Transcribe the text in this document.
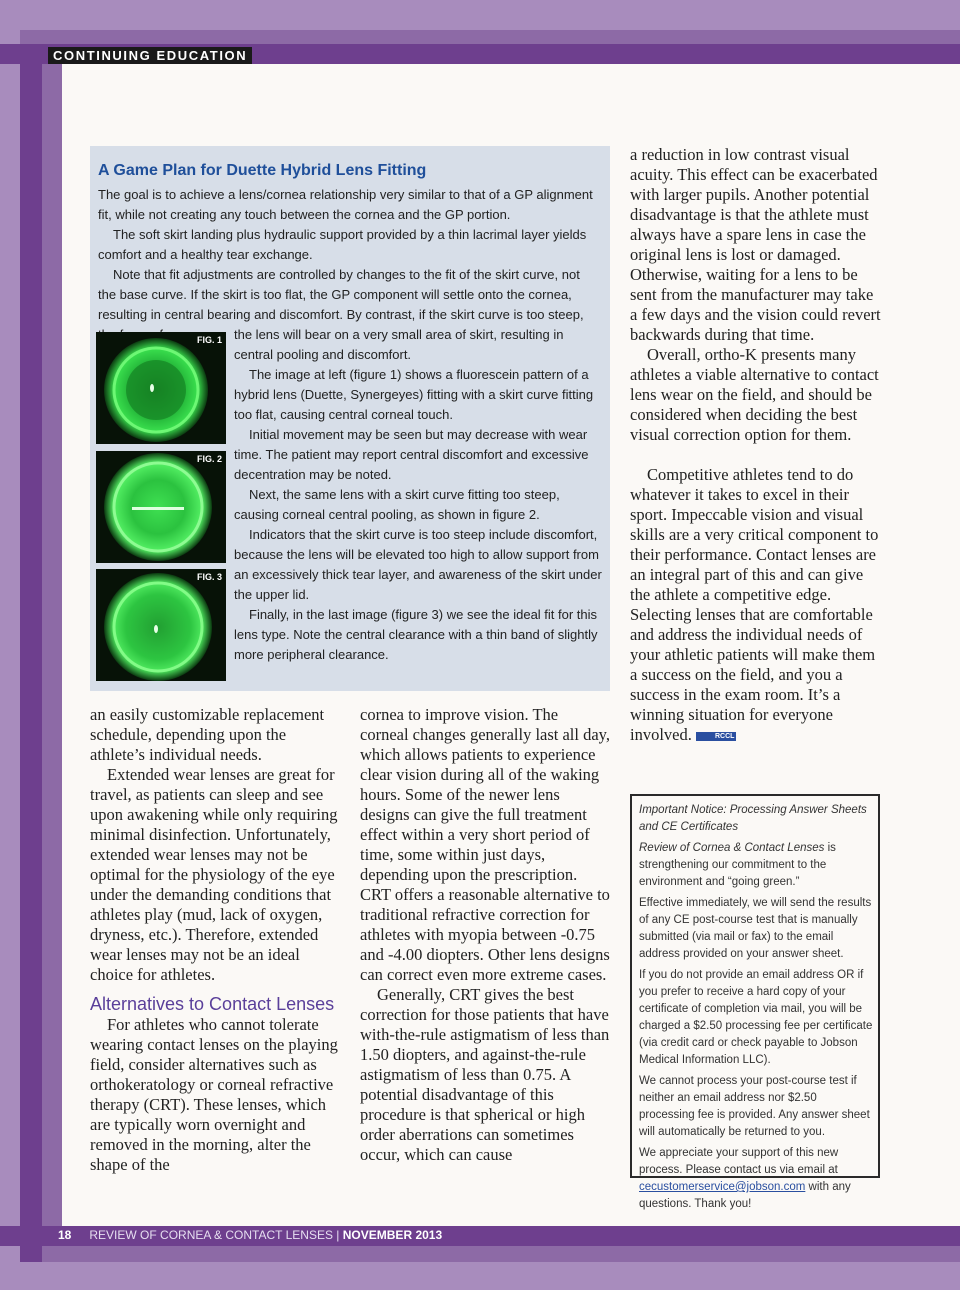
CONTINUING EDUCATION
A Game Plan for Duette Hybrid Lens Fitting

The goal is to achieve a lens/cornea relationship very similar to that of a GP alignment fit, while not creating any touch between the cornea and the GP portion.

The soft skirt landing plus hydraulic support provided by a thin lacrimal layer yields comfort and a healthy tear exchange.

Note that fit adjustments are controlled by changes to the fit of the skirt curve, not the base curve. If the skirt is too flat, the GP component will settle onto the cornea, resulting in central bearing and discomfort. By contrast, if the skirt curve is too steep,

the lens will bear on a very small area of skirt, resulting in central pooling and discomfort.

The image at left (figure 1) shows a fluorescein pattern of a hybrid lens (Duette, Synergeyes) fitting with a skirt curve fitting too flat, causing central corneal touch.

Initial movement may be seen but may decrease with wear time. The patient may report central discomfort and excessive decentration may be noted.

Next, the same lens with a skirt curve fitting too steep, causing corneal central pooling, as shown in figure 2.

Indicators that the skirt curve is too steep include discomfort, because the lens will be elevated too high to allow support from an excessively thick tear layer, and awareness of the skirt under the upper lid.

Finally, in the last image (figure 3) we see the ideal fit for this lens type. Note the central clearance with a thin band of slightly more peripheral clearance.

FIG. 1
FIG. 2
FIG. 3

an easily customizable replacement schedule, depending upon the athlete’s individual needs.

Extended wear lenses are great for travel, as patients can sleep and see upon awakening while only requiring minimal disinfection. Unfortunately, extended wear lenses may not be optimal for the physiology of the eye under the demanding conditions that athletes play (mud, lack of oxygen, dryness, etc.). Therefore, extended wear lenses may not be an ideal choice for athletes.

Alternatives to Contact Lenses

For athletes who cannot tolerate wearing contact lenses on the playing field, consider alternatives such as orthokeratology or corneal refractive therapy (CRT). These lenses, which are typically worn overnight and removed in the morning, alter the shape of the

cornea to improve vision. The corneal changes generally last all day, which allows patients to experience clear vision during all of the waking hours. Some of the newer lens designs can give the full treatment effect within a very short period of time, some within just days, depending upon the prescription. CRT offers a reasonable alternative to traditional refractive correction for athletes with myopia between -0.75 and -4.00 diopters. Other lens designs can correct even more extreme cases.

Generally, CRT gives the best correction for those patients that have with-the-rule astigmatism of less than 1.50 diopters, and against-the-rule astigmatism of less than 0.75. A potential disadvantage of this procedure is that spherical or high order aberrations can sometimes occur, which can cause

a reduction in low contrast visual acuity. This effect can be exacerbated with larger pupils. Another potential disadvantage is that the athlete must always have a spare lens in case the original lens is lost or damaged. Otherwise, waiting for a lens to be sent from the manufacturer may take a few days and the vision could revert backwards during that time.

Overall, ortho-K presents many athletes a viable alternative to contact lens wear on the field, and should be considered when deciding the best visual correction option for them.

Competitive athletes tend to do whatever it takes to excel in their sport. Impeccable vision and visual skills are a very critical component to their performance. Contact lenses are an integral part of this and can give the athlete a competitive edge. Selecting lenses that are comfortable and address the individual needs of your athletic patients will make them a success on the field, and you a success in the exam room. It’s a winning situation for everyone involved.	RCCL

Important Notice: Processing Answer Sheets and CE Certificates

Review of Cornea & Contact Lenses is strengthening our commitment to the environment and “going green.”

Effective immediately, we will send the results of any CE post-course test that is manually submitted (via mail or fax) to the email address provided on your answer sheet.

If you do not provide an email address OR if you prefer to receive a hard copy of your certificate of completion via mail, you will be charged a $2.50 processing fee per certificate (via credit card or check payable to Jobson Medical Information LLC).

We cannot process your post-course test if neither an email address nor $2.50 processing fee is provided. Any answer sheet will automatically be returned to you.

We appreciate your support of this new process. Please contact us via email at cecustomerservice@jobson.com with any questions. Thank you!

18 REVIEW OF CORNEA & CONTACT LENSES | NOVEMBER 2013
